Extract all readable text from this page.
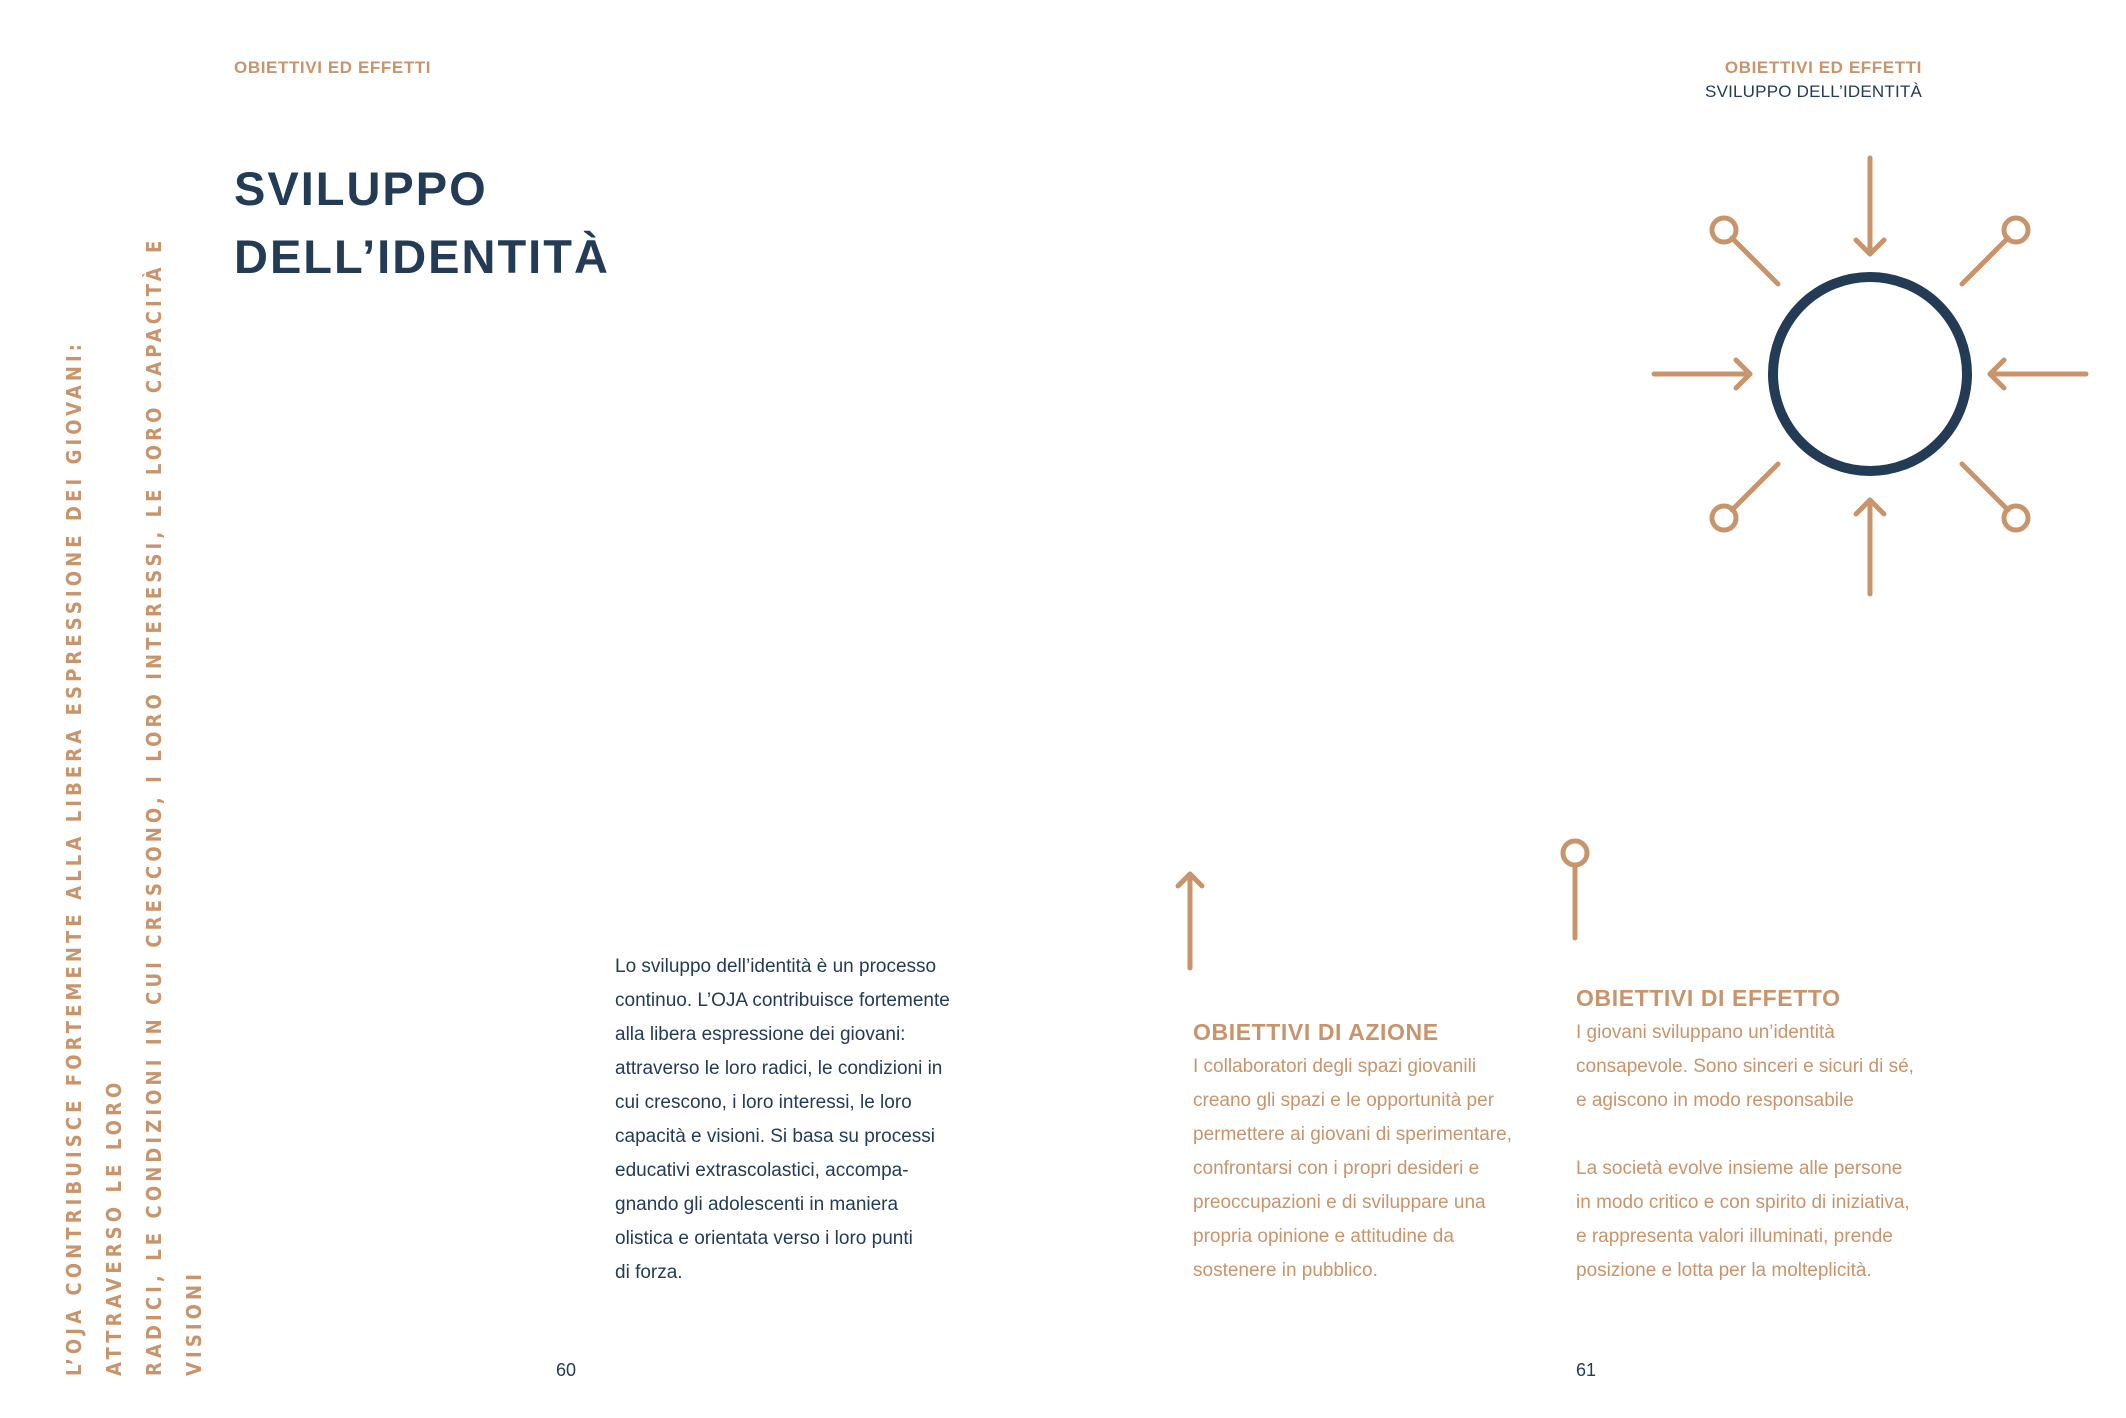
OBIETTIVI ED EFFETTI
SVILUPPO
DELL’IDENTITÀ

L’OJA CONTRIBUISCE FORTEMENTE ALLA LIBERA ESPRESSIONE DEI GIOVANI: ATTRAVERSO LE LORO
RADICI, LE CONDIZIONI IN CUI CRESCONO, I LORO INTERESSI, LE LORO CAPACITÀ E VISIONI

Lo sviluppo dell’identità è un processo
continuo. L’OJA contribuisce fortemente
alla libera espressione dei giovani:
attraverso le loro radici, le condizioni in
cui crescono, i loro interessi, le loro
capacità e visioni. Si basa su processi
educativi extrascolastici, accompa-
gnando gli adolescenti in maniera
olistica e orientata verso i loro punti
di forza.

60
OBIETTIVI ED EFFETTI
SVILUPPO DELL’IDENTITÀ
OBIETTIVI DI AZIONE

I collaboratori degli spazi giovanili
creano gli spazi e le opportunità per
permettere ai giovani di sperimentare,
confrontarsi con i propri desideri e
preoccupazioni e di sviluppare una
propria opinione e attitudine da
sostenere in pubblico.

OBIETTIVI DI EFFETTO

I giovani sviluppano un’identità
consapevole. Sono sinceri e sicuri di sé,
e agiscono in modo responsabile

La società evolve insieme alle persone
in modo critico e con spirito di iniziativa,
e rappresenta valori illuminati, prende
posizione e lotta per la molteplicità.

61
